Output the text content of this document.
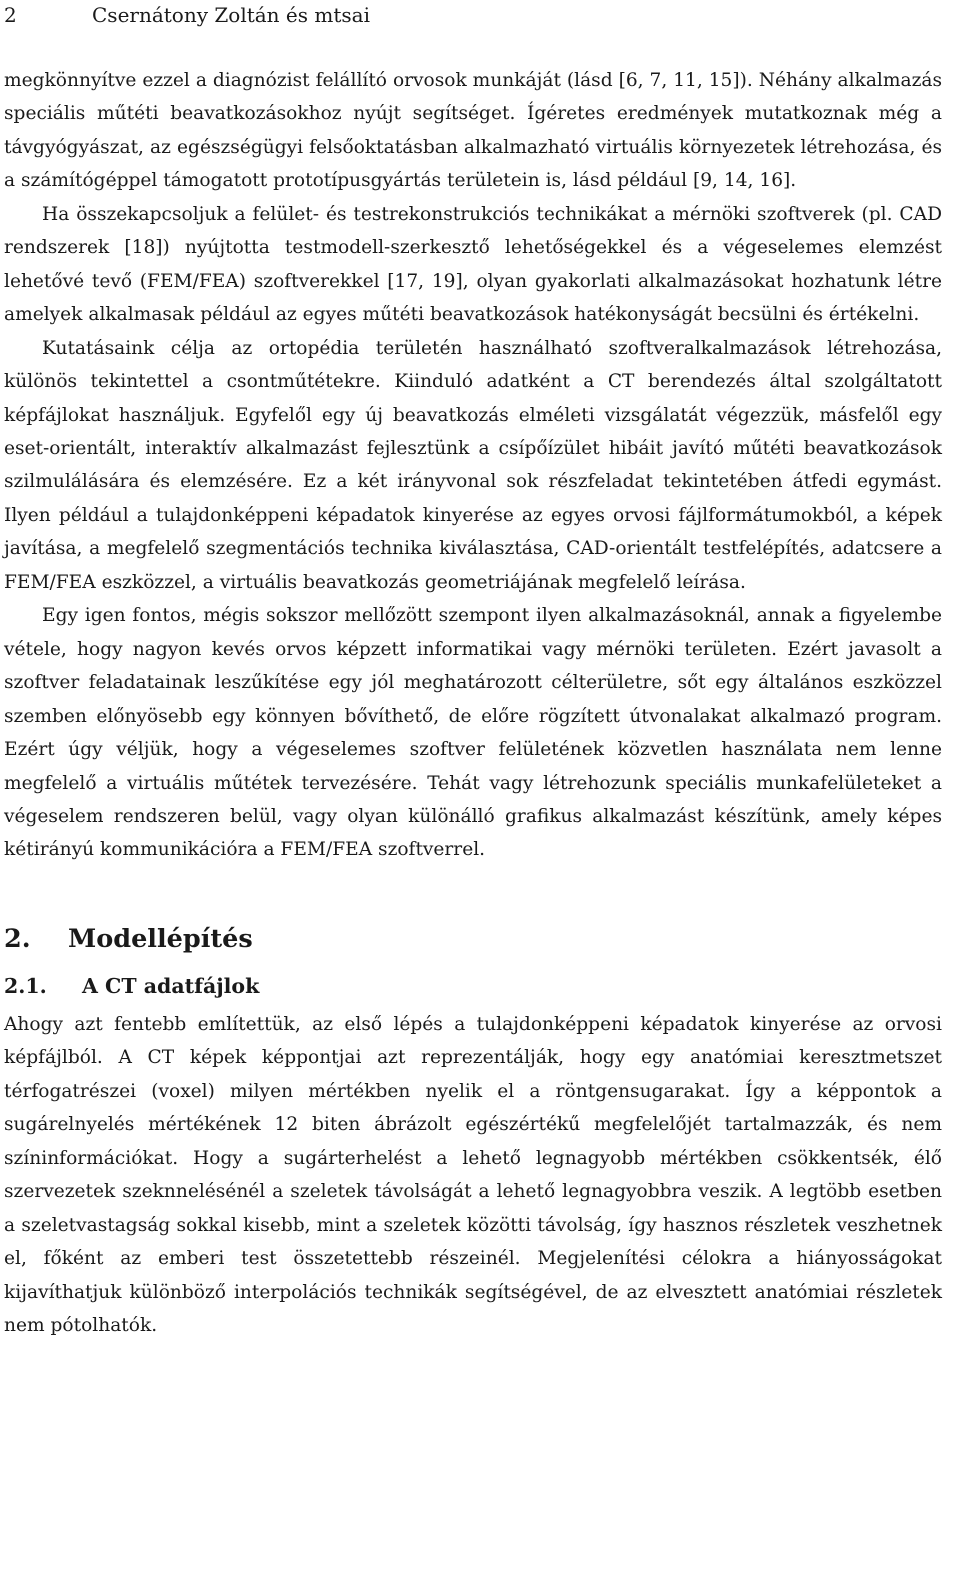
2	Csernátony Zoltán és mtsai

megkönnyítve ezzel a diagnózist felállító orvosok munkáját (lásd [6, 7, 11, 15]). Néhány alkalmazás speciális műtéti beavatkozásokhoz nyújt segítséget. Ígéretes eredmények mutatkoznak még a távgyógyászat, az egészségügyi felsőoktatásban alkalmazható virtuális környezetek létrehozása, és a számítógéppel támogatott prototípusgyártás területein is, lásd például [9, 14, 16].

Ha összekapcsoljuk a felület- és testrekonstrukciós technikákat a mérnöki szoftverek (pl. CAD rendszerek [18]) nyújtotta testmodell-szerkesztő lehetőségekkel és a végeselemes elemzést lehetővé tevő (FEM/FEA) szoftverekkel [17, 19], olyan gyakorlati alkalmazásokat hozhatunk létre amelyek alkalmasak például az egyes műtéti beavatkozások hatékonyságát becsülni és értékelni.

Kutatásaink célja az ortopédia területén használható szoftveralkalmazások létrehozása, különös tekintettel a csontműtétekre. Kiinduló adatként a CT berendezés által szolgáltatott képfájlokat használjuk. Egyfelől egy új beavatkozás elméleti vizsgálatát végezzük, másfelől egy eset-orientált, interaktív alkalmazást fejlesztünk a csípőízület hibáit javító műtéti beavatkozások szilmulálására és elemzésére. Ez a két irányvonal sok részfeladat tekintetében átfedi egymást. Ilyen például a tulajdonképpeni képadatok kinyerése az egyes orvosi fájlformátumokból, a képek javítása, a megfelelő szegmentációs technika kiválasztása, CAD-orientált testfelépítés, adatcsere a FEM/FEA eszközzel, a virtuális beavatkozás geometriájának megfelelő leírása.

Egy igen fontos, mégis sokszor mellőzött szempont ilyen alkalmazásoknál, annak a figyelembe vétele, hogy nagyon kevés orvos képzett informatikai vagy mérnöki területen. Ezért javasolt a szoftver feladatainak leszűkítése egy jól meghatározott célterületre, sőt egy általános eszközzel szemben előnyösebb egy könnyen bővíthető, de előre rögzített útvonalakat alkalmazó program. Ezért úgy véljük, hogy a végeselemes szoftver felületének közvetlen használata nem lenne megfelelő a virtuális műtétek tervezésére. Tehát vagy létrehozunk speciális munkafelületeket a végeselem rendszeren belül, vagy olyan különálló grafikus alkalmazást készítünk, amely képes kétirányú kommunikációra a FEM/FEA szoftverrel.

2. Modellépítés
2.1. A CT adatfájlok

Ahogy azt fentebb említettük, az első lépés a tulajdonképpeni képadatok kinyerése az orvosi képfájlból. A CT képek képpontjai azt reprezentálják, hogy egy anatómiai keresztmetszet térfogatrészei (voxel) milyen mértékben nyelik el a röntgensugarakat. Így a képpontok a sugárelnyelés mértékének 12 biten ábrázolt egészértékű megfelelőjét tartalmazzák, és nem színinformációkat. Hogy a sugárterhelést a lehető legnagyobb mértékben csökkentsék, élő szervezetek szeknnelésénél a szeletek távolságát a lehető legnagyobbra veszik. A legtöbb esetben a szeletvastagság sokkal kisebb, mint a szeletek közötti távolság, így hasznos részletek veszhetnek el, főként az emberi test összetettebb részeinél. Megjelenítési célokra a hiányosságokat kijavíthatjuk különböző interpolációs technikák segítségével, de az elvesztett anatómiai részletek nem pótolhatók.
